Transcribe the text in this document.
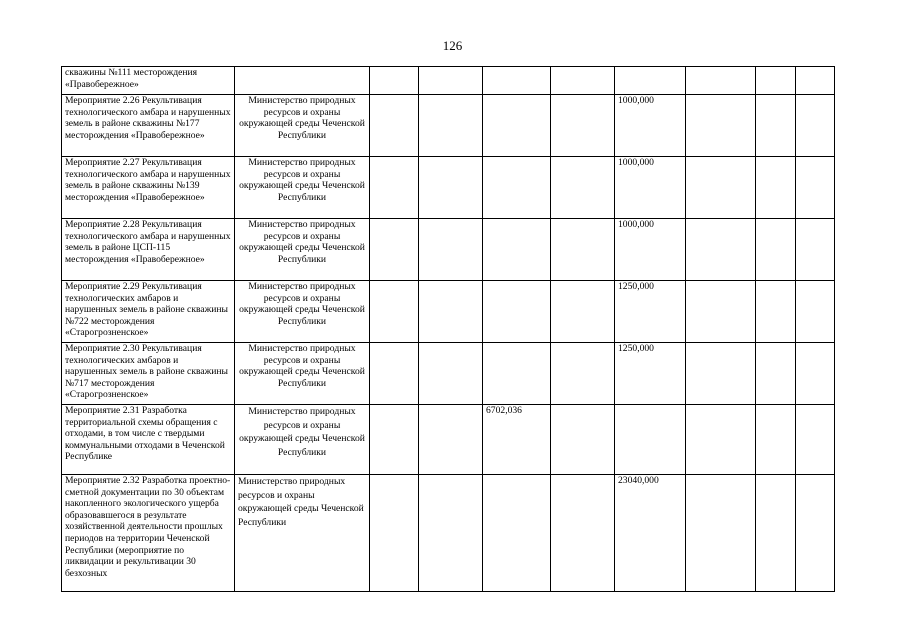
126
скважины №111 месторождения «Правобережное»									
Мероприятие 2.26 Рекультивация технологического амбара и нарушенных земель в районе скважины №177 месторождения «Правобережное»	Министерство природных ресурсов и охраны окружающей среды Чеченской Республики					1000,000			
Мероприятие 2.27 Рекультивация технологического амбара и нарушенных земель в районе скважины №139 месторождения «Правобережное»	Министерство природных ресурсов и охраны окружающей среды Чеченской Республики					1000,000			
Мероприятие 2.28 Рекультивация технологического амбара и нарушенных земель в районе ЦСП-115 месторождения «Правобережное»	Министерство природных ресурсов и охраны окружающей среды Чеченской Республики					1000,000			
Мероприятие 2.29 Рекультивация технологических амбаров и нарушенных земель в районе скважины №722 месторождения «Старогрозненское»	Министерство природных ресурсов и охраны окружающей среды Чеченской Республики					1250,000			
Мероприятие 2.30 Рекультивация технологических амбаров и нарушенных земель в районе скважины №717 месторождения «Старогрозненское»	Министерство природных ресурсов и охраны окружающей среды Чеченской Республики					1250,000			
Мероприятие 2.31 Разработка территориальной схемы обращения с отходами, в том числе с твердыми коммунальными отходами в Чеченской Республике	Министерство природных ресурсов и охраны окружающей среды Чеченской Республики			6702,036					
Мероприятие 2.32 Разработка проектно-сметной документации по 30 объектам накопленного экологического ущерба образовавшегося в результате хозяйственной деятельности прошлых периодов на территории Чеченской Республики (мероприятие по ликвидации и рекультивации 30 безхозных	Министерство природных ресурсов и охраны окружающей среды Чеченской Республики					23040,000			
